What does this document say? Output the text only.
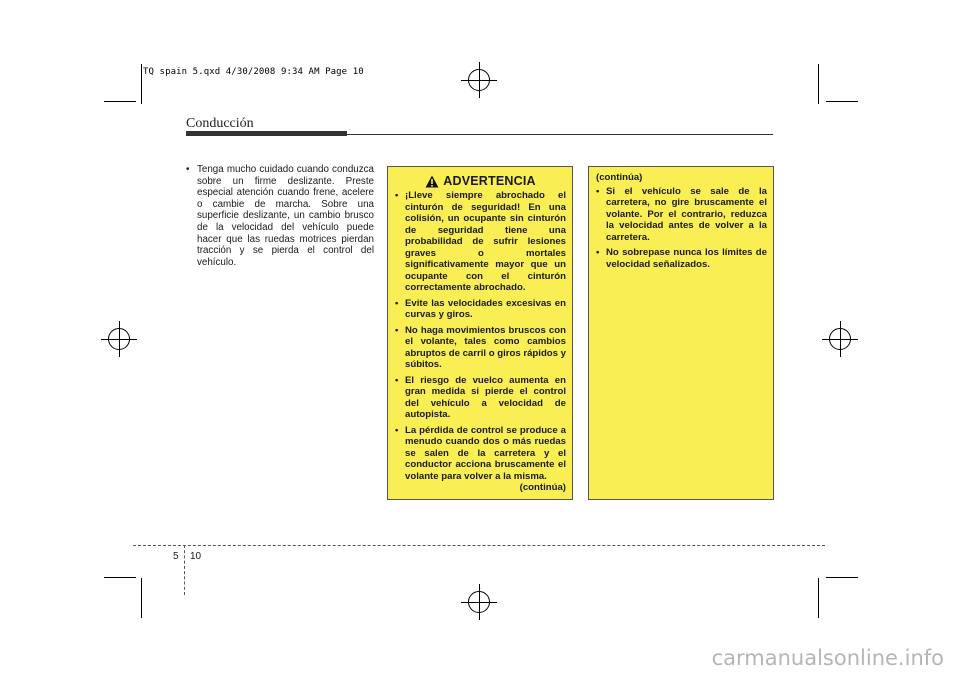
TQ spain 5.qxd 4/30/2008 9:34 AM Page 10
Conducción
• Tenga mucho cuidado cuando conduzca sobre un firme deslizante. Preste especial atención cuando frene, acelere o cambie de marcha. Sobre una superficie deslizante, un cambio brusco de la velocidad del vehículo puede hacer que las ruedas motrices pierdan tracción y se pierda el control del vehículo.
ADVERTENCIA
• ¡Lleve siempre abrochado el cinturón de seguridad! En una colisión, un ocupante sin cinturón de seguridad tiene una probabilidad de sufrir lesiones graves o mortales significativamente mayor que un ocupante con el cinturón correctamente abrochado.
• Evite las velocidades excesivas en curvas y giros.
• No haga movimientos bruscos con el volante, tales como cambios abruptos de carril o giros rápidos y súbitos.
• El riesgo de vuelco aumenta en gran medida si pierde el control del vehículo a velocidad de autopista.
• La pérdida de control se produce a menudo cuando dos o más ruedas se salen de la carretera y el conductor acciona bruscamente el volante para volver a la misma.
(continúa)
(continúa)
• Si el vehículo se sale de la carretera, no gire bruscamente el volante. Por el contrario, reduzca la velocidad antes de volver a la carretera.
• No sobrepase nunca los límites de velocidad señalizados.
5 10
carmanualsonline.info
